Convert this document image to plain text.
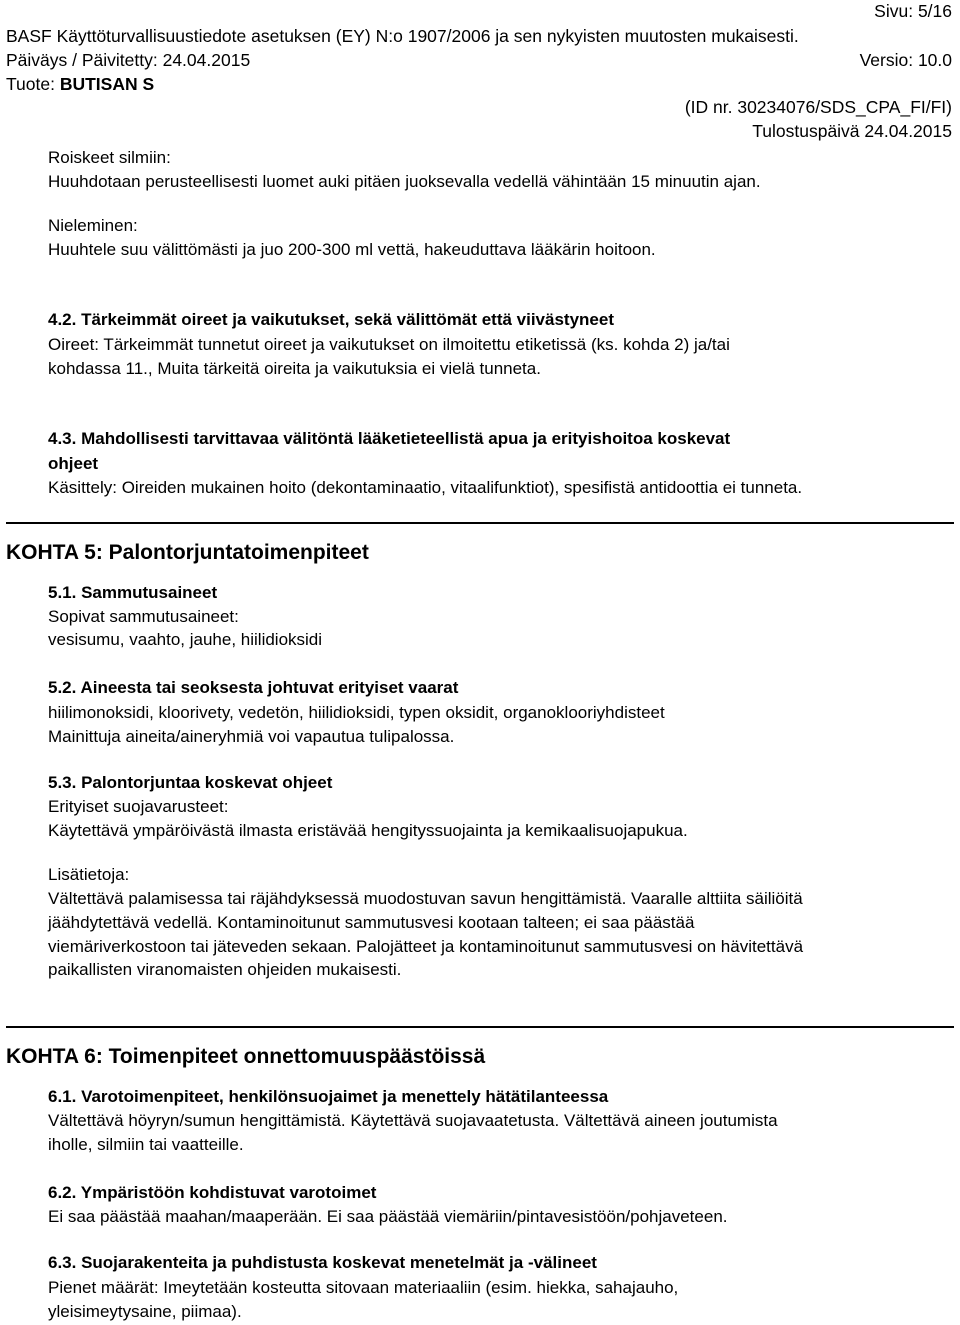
Sivu: 5/16
BASF Käyttöturvallisuustiedote asetuksen (EY) N:o 1907/2006 ja sen nykyisten muutosten mukaisesti.
Päiväys / Päivitetty: 24.04.2015	Versio: 10.0
Tuote: BUTISAN S
(ID nr. 30234076/SDS_CPA_FI/FI)
Tulostuspäivä 24.04.2015
Roiskeet silmiin:
Huuhdotaan perusteellisesti luomet auki pitäen juoksevalla vedellä vähintään 15 minuutin ajan.
Nieleminen:
Huuhtele suu välittömästi ja juo 200-300 ml vettä, hakeuduttava lääkärin hoitoon.
4.2. Tärkeimmät oireet ja vaikutukset, sekä välittömät että viivästyneet
Oireet: Tärkeimmät tunnetut oireet ja vaikutukset on ilmoitettu etiketissä (ks. kohda 2) ja/tai
kohdassa 11., Muita tärkeitä oireita ja vaikutuksia ei vielä tunneta.
4.3. Mahdollisesti tarvittavaa välitöntä lääketieteellistä apua ja erityishoitoa koskevat
ohjeet
Käsittely: Oireiden mukainen hoito (dekontaminaatio, vitaalifunktiot), spesifistä antidoottia ei tunneta.
KOHTA 5: Palontorjuntatoimenpiteet
5.1. Sammutusaineet
Sopivat sammutusaineet:
vesisumu, vaahto, jauhe, hiilidioksidi
5.2. Aineesta tai seoksesta johtuvat erityiset vaarat
hiilimonoksidi, kloorivety, vedetön, hiilidioksidi, typen oksidit, organoklooriyhdisteet
Mainittuja aineita/aineryhmiä voi vapautua tulipalossa.
5.3. Palontorjuntaa koskevat ohjeet
Erityiset suojavarusteet:
Käytettävä ympäröivästä ilmasta eristävää hengityssuojainta ja kemikaalisuojapukua.
Lisätietoja:
Vältettävä palamisessa tai räjähdyksessä muodostuvan savun hengittämistä. Vaaralle alttiita säiliöitä
jäähdytettävä vedellä. Kontaminoitunut sammutusvesi kootaan talteen; ei saa päästää
viemäriverkostoon tai jäteveden sekaan. Palojätteet ja kontaminoitunut sammutusvesi on hävitettävä
paikallisten viranomaisten ohjeiden mukaisesti.
KOHTA 6: Toimenpiteet onnettomuuspäästöissä
6.1. Varotoimenpiteet, henkilönsuojaimet ja menettely hätätilanteessa
Vältettävä höyryn/sumun hengittämistä. Käytettävä suojavaatetusta. Vältettävä aineen joutumista
iholle, silmiin tai vaatteille.
6.2. Ympäristöön kohdistuvat varotoimet
Ei saa päästää maahan/maaperään. Ei saa päästää viemäriin/pintavesistöön/pohjaveteen.
6.3. Suojarakenteita ja puhdistusta koskevat menetelmät ja -välineet
Pienet määrät: Imeytetään kosteutta sitovaan materiaaliin (esim. hiekka, sahajauho,
yleisimeytysaine, piimaa).
